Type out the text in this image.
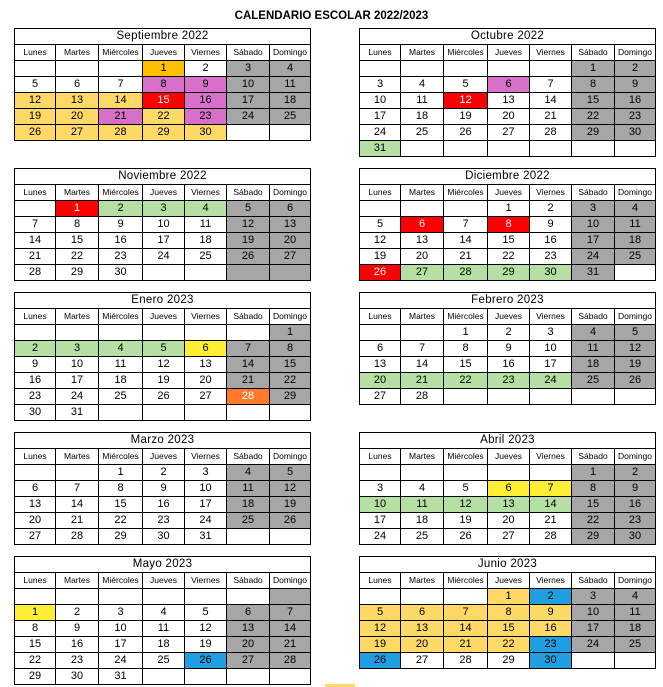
CALENDARIO ESCOLAR 2022/2023
Septiembre 2022						
Lunes	Martes	Miércoles	Jueves	Viernes	Sábado	Domingo
			1	2	3	4
5	6	7	8	9	10	11
12	13	14	15	16	17	18
19	20	21	22	23	24	25
26	27	28	29	30		
Octubre 2022						
Lunes	Martes	Miércoles	Jueves	Viernes	Sábado	Domingo
					1	2
3	4	5	6	7	8	9
10	11	12	13	14	15	16
17	18	19	20	21	22	23
24	25	26	27	28	29	30
31						
Noviembre 2022						
Lunes	Martes	Miércoles	Jueves	Viernes	Sábado	Domingo
	1	2	3	4	5	6
7	8	9	10	11	12	13
14	15	16	17	18	19	20
21	22	23	24	25	26	27
28	29	30				
Diciembre 2022						
Lunes	Martes	Miércoles	Jueves	Viernes	Sábado	Domingo
			1	2	3	4
5	6	7	8	9	10	11
12	13	14	15	16	17	18
19	20	21	22	23	24	25
26	27	28	29	30	31	
Enero 2023						
Lunes	Martes	Miércoles	Jueves	Viernes	Sábado	Domingo
						1
2	3	4	5	6	7	8
9	10	11	12	13	14	15
16	17	18	19	20	21	22
23	24	25	26	27	28	29
30	31					
Febrero 2023						
Lunes	Martes	Miércoles	Jueves	Viernes	Sábado	Domingo
		1	2	3	4	5
6	7	8	9	10	11	12
13	14	15	16	17	18	19
20	21	22	23	24	25	26
27	28					
Marzo 2023						
Lunes	Martes	Miércoles	Jueves	Viernes	Sábado	Domingo
		1	2	3	4	5
6	7	8	9	10	11	12
13	14	15	16	17	18	19
20	21	22	23	24	25	26
27	28	29	30	31		
Abril 2023						
Lunes	Martes	Miércoles	Jueves	Viernes	Sábado	Domingo
					1	2
3	4	5	6	7	8	9
10	11	12	13	14	15	16
17	18	19	20	21	22	23
24	25	26	27	28	29	30
Mayo 2023						
Lunes	Martes	Miércoles	Jueves	Viernes	Sábado	Domingo

1	2	3	4	5	6	7
8	9	10	11	12	13	14
15	16	17	18	19	20	21
22	23	24	25	26	27	28
29	30	31				
Junio 2023						
Lunes	Martes	Miércoles	Jueves	Viernes	Sábado	Domingo
			1	2	3	4
5	6	7	8	9	10	11
12	13	14	15	16	17	18
19	20	21	22	23	24	25
26	27	28	29	30		
